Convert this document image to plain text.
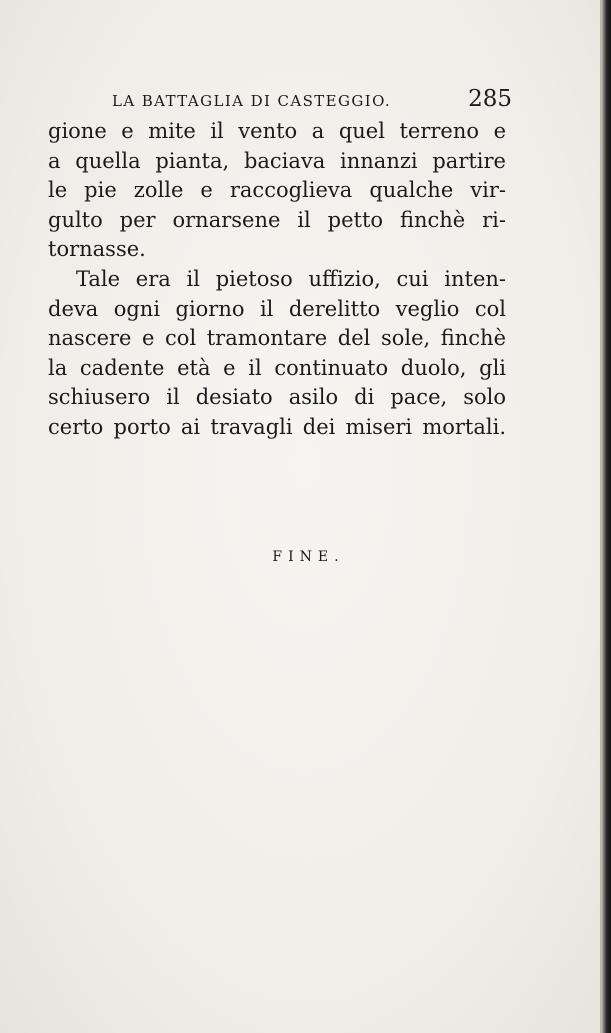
LA BATTAGLIA DI CASTEGGIO.	285
gione e mite il vento a quel terreno e
a quella pianta, baciava innanzi partire
le pie zolle e raccoglieva qualche vir-
gulto per ornarsene il petto finchè ri-
tornasse.
Tale era il pietoso uffizio, cui inten-
deva ogni giorno il derelitto veglio col
nascere e col tramontare del sole, finchè
la cadente età e il continuato duolo, gli
schiusero il desiato asilo di pace, solo
certo porto ai travagli dei miseri mortali.
FINE.
